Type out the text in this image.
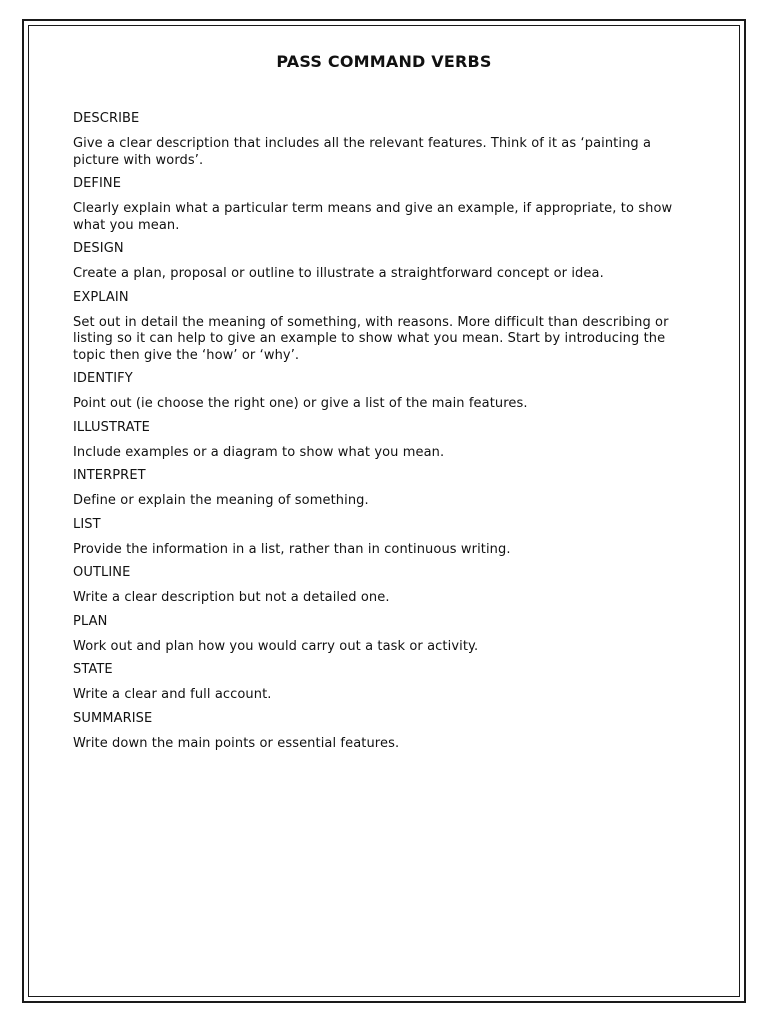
PASS COMMAND VERBS
DESCRIBE
Give a clear description that includes all the relevant features. Think of it as ‘painting a picture with words’.
DEFINE
Clearly explain what a particular term means and give an example, if appropriate, to show what you mean.
DESIGN
Create a plan, proposal or outline to illustrate a straightforward concept or idea.
EXPLAIN
Set out in detail the meaning of something, with reasons. More difficult than describing or listing so it can help to give an example to show what you mean. Start by introducing the topic then give the ‘how’ or ‘why’.
IDENTIFY
Point out (ie choose the right one) or give a list of the main features.
ILLUSTRATE
Include examples or a diagram to show what you mean.
INTERPRET
Define or explain the meaning of something.
LIST
Provide the information in a list, rather than in continuous writing.
OUTLINE
Write a clear description but not a detailed one.
PLAN
Work out and plan how you would carry out a task or activity.
STATE
Write a clear and full account.
SUMMARISE
Write down the main points or essential features.
